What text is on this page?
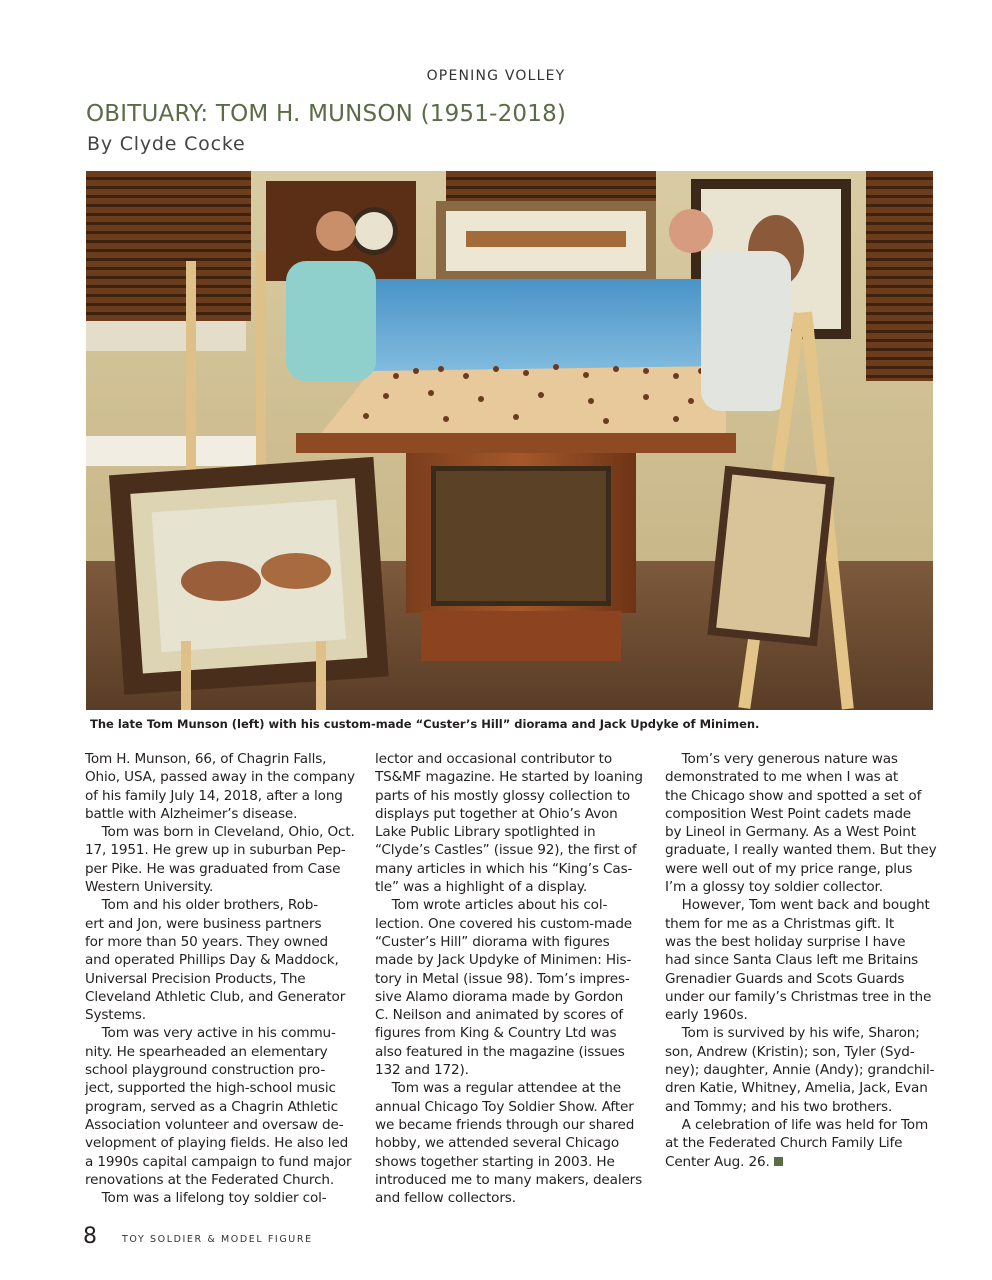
OPENING VOLLEY
OBITUARY: TOM H. MUNSON (1951-2018)
By Clyde Cocke
The late Tom Munson (left) with his custom-made “Custer’s Hill” diorama and Jack Updyke of Minimen.
Tom H. Munson, 66, of Chagrin Falls,
Ohio, USA, passed away in the company
of his family July 14, 2018, after a long
battle with Alzheimer’s disease.
Tom was born in Cleveland, Ohio, Oct.
17, 1951. He grew up in suburban Pep-
per Pike. He was graduated from Case
Western University.
Tom and his older brothers, Rob-
ert and Jon, were business partners
for more than 50 years. They owned
and operated Phillips Day & Maddock,
Universal Precision Products, The
Cleveland Athletic Club, and Generator
Systems.
Tom was very active in his commu-
nity. He spearheaded an elementary
school playground construction pro-
ject, supported the high-school music
program, served as a Chagrin Athletic
Association volunteer and oversaw de-
velopment of playing fields. He also led
a 1990s capital campaign to fund major
renovations at the Federated Church.
Tom was a lifelong toy soldier col-
lector and occasional contributor to
TS&MF magazine. He started by loaning
parts of his mostly glossy collection to
displays put together at Ohio’s Avon
Lake Public Library spotlighted in
“Clyde’s Castles” (issue 92), the first of
many articles in which his “King’s Cas-
tle” was a highlight of a display.
Tom wrote articles about his col-
lection. One covered his custom-made
“Custer’s Hill” diorama with figures
made by Jack Updyke of Minimen: His-
tory in Metal (issue 98). Tom’s impres-
sive Alamo diorama made by Gordon
C. Neilson and animated by scores of
figures from King & Country Ltd was
also featured in the magazine (issues
132 and 172).
Tom was a regular attendee at the
annual Chicago Toy Soldier Show. After
we became friends through our shared
hobby, we attended several Chicago
shows together starting in 2003. He
introduced me to many makers, dealers
and fellow collectors.
Tom’s very generous nature was
demonstrated to me when I was at
the Chicago show and spotted a set of
composition West Point cadets made
by Lineol in Germany. As a West Point
graduate, I really wanted them. But they
were well out of my price range, plus
I’m a glossy toy soldier collector.
However, Tom went back and bought
them for me as a Christmas gift. It
was the best holiday surprise I have
had since Santa Claus left me Britains
Grenadier Guards and Scots Guards
under our family’s Christmas tree in the
early 1960s.
Tom is survived by his wife, Sharon;
son, Andrew (Kristin); son, Tyler (Syd-
ney); daughter, Annie (Andy); grandchil-
dren Katie, Whitney, Amelia, Jack, Evan
and Tommy; and his two brothers.
A celebration of life was held for Tom
at the Federated Church Family Life
Center Aug. 26.
8	TOY SOLDIER & MODEL FIGURE
